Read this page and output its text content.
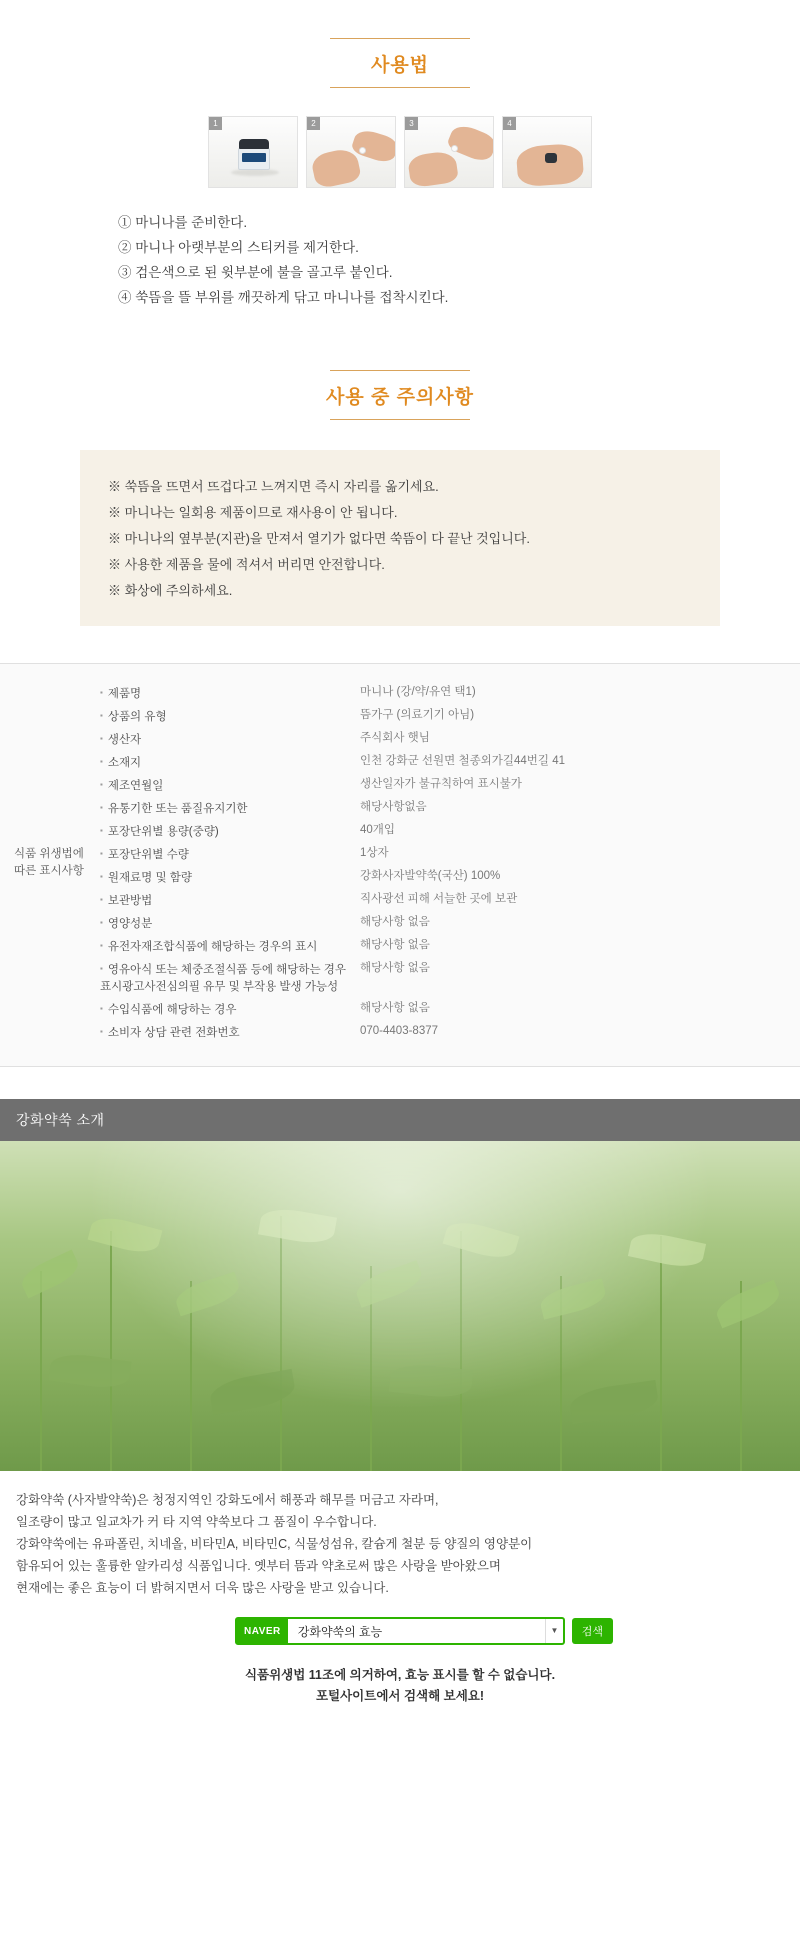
사용법
1	2	3	4
① 마니나를 준비한다.
② 마니나 아랫부분의 스티커를 제거한다.
③ 검은색으로 된 윗부분에 불을 골고루 붙인다.
④ 쑥뜸을 뜰 부위를 깨끗하게 닦고 마니나를 접착시킨다.
사용 중 주의사항
※ 쑥뜸을 뜨면서 뜨겁다고 느껴지면 즉시 자리를 옮기세요.
※ 마니나는 일회용 제품이므로 재사용이 안 됩니다.
※ 마니나의 옆부분(지관)을 만져서 열기가 없다면 쑥뜸이 다 끝난 것입니다.
※ 사용한 제품을 물에 적셔서 버리면 안전합니다.
※ 화상에 주의하세요.
식품 위생법에
따른 표시사항
▪ 제품명	마니나 (강/약/유연 택1)
▪ 상품의 유형	뜸가구 (의료기기 아님)
▪ 생산자	주식회사 햇님
▪ 소재지	인천 강화군 선원면 철종외가길44번길 41
▪ 제조연월일	생산일자가 불규칙하여 표시불가
▪ 유통기한 또는 품질유지기한	해당사항없음
▪ 포장단위별 용량(중량)	40개입
▪ 포장단위별 수량	1상자
▪ 원재료명 및 함량	강화사자발약쑥(국산) 100%
▪ 보관방법	직사광선 피해 서늘한 곳에 보관
▪ 영양성분	해당사항 없음
▪ 유전자재조합식품에 해당하는 경우의 표시	해당사항 없음
▪ 영유아식 또는 체중조절식품 등에 해당하는 경우 표시광고사전심의필 유무 및 부작용 발생 가능성	해당사항 없음
▪ 수입식품에 해당하는 경우	해당사항 없음
▪ 소비자 상담 관련 전화번호	070-4403-8377
강화약쑥 소개
강화약쑥 (사자발약쑥)은 청정지역인 강화도에서 해풍과 해무를 머금고 자라며,
일조량이 많고 일교차가 커 타 지역 약쑥보다 그 품질이 우수합니다.
강화약쑥에는 유파폴린, 치네올, 비타민A, 비타민C, 식물성섬유, 칼슘게 철분 등 양질의 영양분이
함유되어 있는 훌륭한 알카리성 식품입니다. 옛부터 뜸과 약초로써 많은 사랑을 받아왔으며
현재에는 좋은 효능이 더 밝혀지면서 더욱 많은 사랑을 받고 있습니다.
NAVER	강화약쑥의 효능	▼	검색
식품위생법 11조에 의거하여, 효능 표시를 할 수 없습니다.
포털사이트에서 검색해 보세요!
